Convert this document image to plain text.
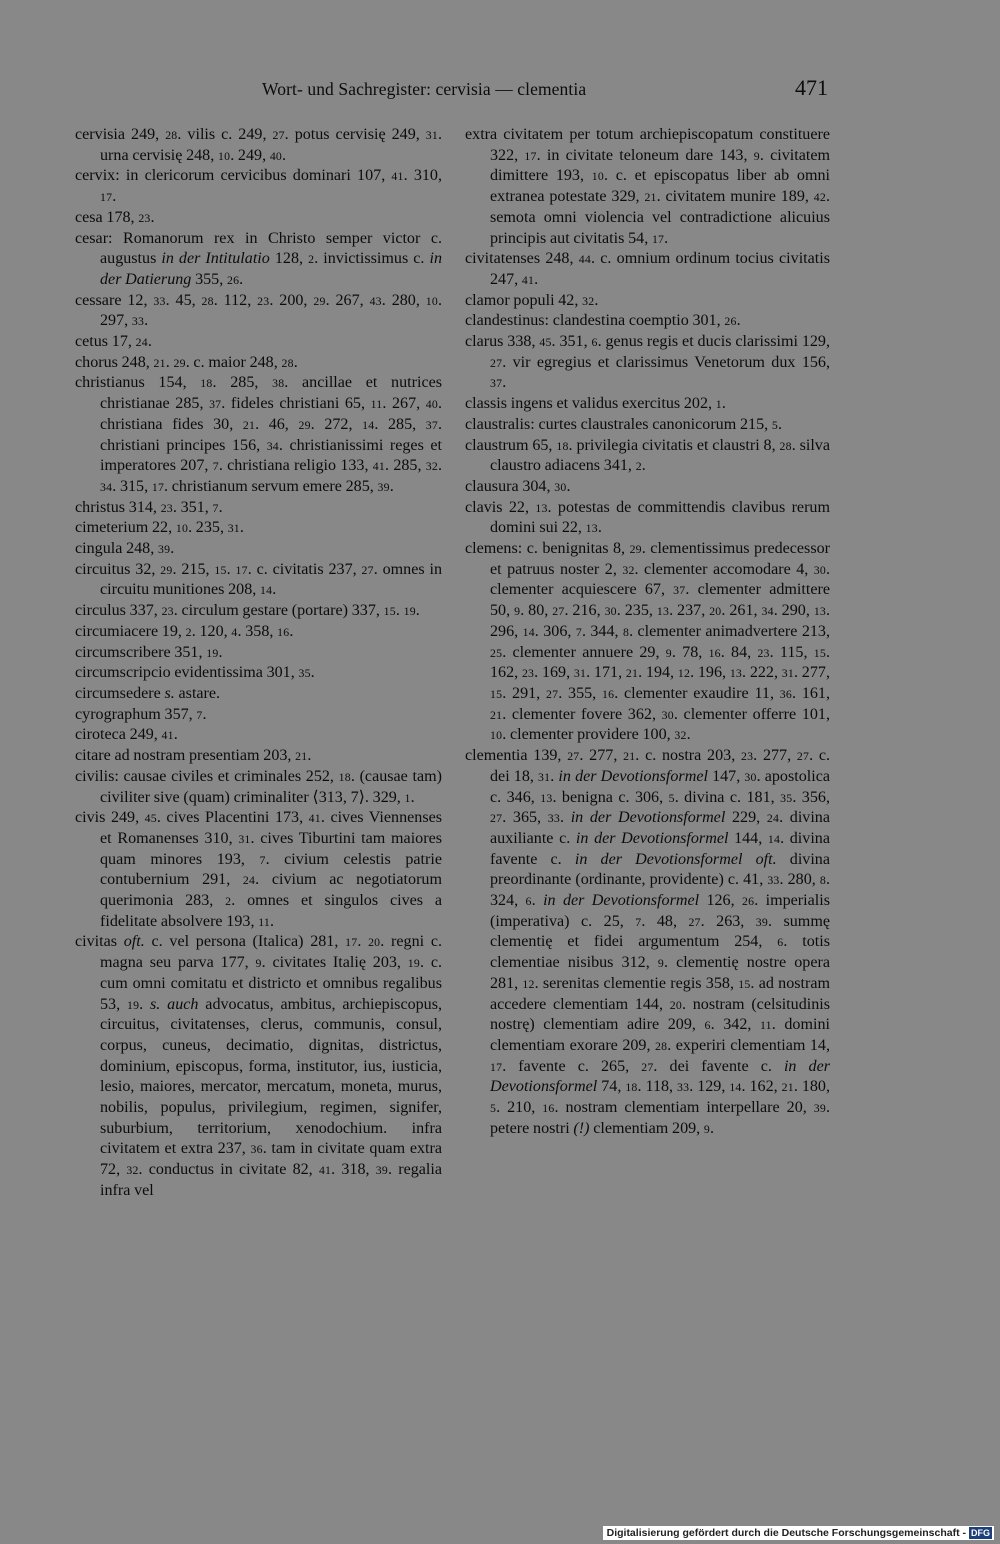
Wort- und Sachregister: cervisia — clementia	471

cervisia 249, 28. vilis c. 249, 27. potus cervisię 249, 31. urna cervisię 248, 10. 249, 40.

cervix: in clericorum cervicibus dominari 107, 41. 310, 17.

cesa 178, 23.

cesar: Romanorum rex in Christo semper victor c. augustus in der Intitulatio 128, 2. invictissimus c. in der Datierung 355, 26.

cessare 12, 33. 45, 28. 112, 23. 200, 29. 267, 43. 280, 10. 297, 33.

cetus 17, 24.

chorus 248, 21. 29. c. maior 248, 28.

christianus 154, 18. 285, 38. ancillae et nutrices christianae 285, 37. fideles christiani 65, 11. 267, 40. christiana fides 30, 21. 46, 29. 272, 14. 285, 37. christiani principes 156, 34. christianissimi reges et imperatores 207, 7. christiana religio 133, 41. 285, 32. 34. 315, 17. christianum servum emere 285, 39.

christus 314, 23. 351, 7.

cimeterium 22, 10. 235, 31.

cingula 248, 39.

circuitus 32, 29. 215, 15. 17. c. civitatis 237, 27. omnes in circuitu munitiones 208, 14.

circulus 337, 23. circulum gestare (portare) 337, 15. 19.

circumiacere 19, 2. 120, 4. 358, 16.

circumscribere 351, 19.

circumscripcio evidentissima 301, 35.

circumsedere s. astare.

cyrographum 357, 7.

ciroteca 249, 41.

citare ad nostram presentiam 203, 21.

civilis: causae civiles et criminales 252, 18. (causae tam) civiliter sive (quam) criminaliter ⟨313, 7⟩. 329, 1.

civis 249, 45. cives Placentini 173, 41. cives Viennenses et Romanenses 310, 31. cives Tiburtini tam maiores quam minores 193, 7. civium celestis patrie contubernium 291, 24. civium ac negotiatorum querimonia 283, 2. omnes et singulos cives a fidelitate absolvere 193, 11.

civitas oft. c. vel persona (Italica) 281, 17. 20. regni c. magna seu parva 177, 9. civitates Italię 203, 19. c. cum omni comitatu et districto et omnibus regalibus 53, 19. s. auch advocatus, ambitus, archiepiscopus, circuitus, civitatenses, clerus, communis, consul, corpus, cuneus, decimatio, dignitas, districtus, dominium, episcopus, forma, institutor, ius, iusticia, lesio, maiores, mercator, mercatum, moneta, murus, nobilis, populus, privilegium, regimen, signifer, suburbium, territorium, xenodochium. infra civitatem et extra 237, 36. tam in civitate quam extra 72, 32. conductus in civitate 82, 41. 318, 39. regalia infra vel

extra civitatem per totum archiepiscopatum constituere 322, 17. in civitate teloneum dare 143, 9. civitatem dimittere 193, 10. c. et episcopatus liber ab omni extranea potestate 329, 21. civitatem munire 189, 42. semota omni violencia vel contradictione alicuius principis aut civitatis 54, 17.

civitatenses 248, 44. c. omnium ordinum tocius civitatis 247, 41.

clamor populi 42, 32.

clandestinus: clandestina coemptio 301, 26.

clarus 338, 45. 351, 6. genus regis et ducis clarissimi 129, 27. vir egregius et clarissimus Venetorum dux 156, 37.

classis ingens et validus exercitus 202, 1.

claustralis: curtes claustrales canonicorum 215, 5.

claustrum 65, 18. privilegia civitatis et claustri 8, 28. silva claustro adiacens 341, 2.

clausura 304, 30.

clavis 22, 13. potestas de committendis clavibus rerum domini sui 22, 13.

clemens: c. benignitas 8, 29. clementissimus predecessor et patruus noster 2, 32. clementer accomodare 4, 30. clementer acquiescere 67, 37. clementer admittere 50, 9. 80, 27. 216, 30. 235, 13. 237, 20. 261, 34. 290, 13. 296, 14. 306, 7. 344, 8. clementer animadvertere 213, 25. clementer annuere 29, 9. 78, 16. 84, 23. 115, 15. 162, 23. 169, 31. 171, 21. 194, 12. 196, 13. 222, 31. 277, 15. 291, 27. 355, 16. clementer exaudire 11, 36. 161, 21. clementer fovere 362, 30. clementer offerre 101, 10. clementer providere 100, 32.

clementia 139, 27. 277, 21. c. nostra 203, 23. 277, 27. c. dei 18, 31. in der Devotionsformel 147, 30. apostolica c. 346, 13. benigna c. 306, 5. divina c. 181, 35. 356, 27. 365, 33. in der Devotionsformel 229, 24. divina auxiliante c. in der Devotionsformel 144, 14. divina favente c. in der Devotionsformel oft. divina preordinante (ordinante, providente) c. 41, 33. 280, 8. 324, 6. in der Devotionsformel 126, 26. imperialis (imperativa) c. 25, 7. 48, 27. 263, 39. summę clementię et fidei argumentum 254, 6. totis clementiae nisibus 312, 9. clementię nostre opera 281, 12. serenitas clementie regis 358, 15. ad nostram accedere clementiam 144, 20. nostram (celsitudinis nostrę) clementiam adire 209, 6. 342, 11. domini clementiam exorare 209, 28. experiri clementiam 14, 17. favente c. 265, 27. dei favente c. in der Devotionsformel 74, 18. 118, 33. 129, 14. 162, 21. 180, 5. 210, 16. nostram clementiam interpellare 20, 39. petere nostri (!) clementiam 209, 9.

Digitalisierung gefördert durch die Deutsche Forschungsgemeinschaft - DFG
